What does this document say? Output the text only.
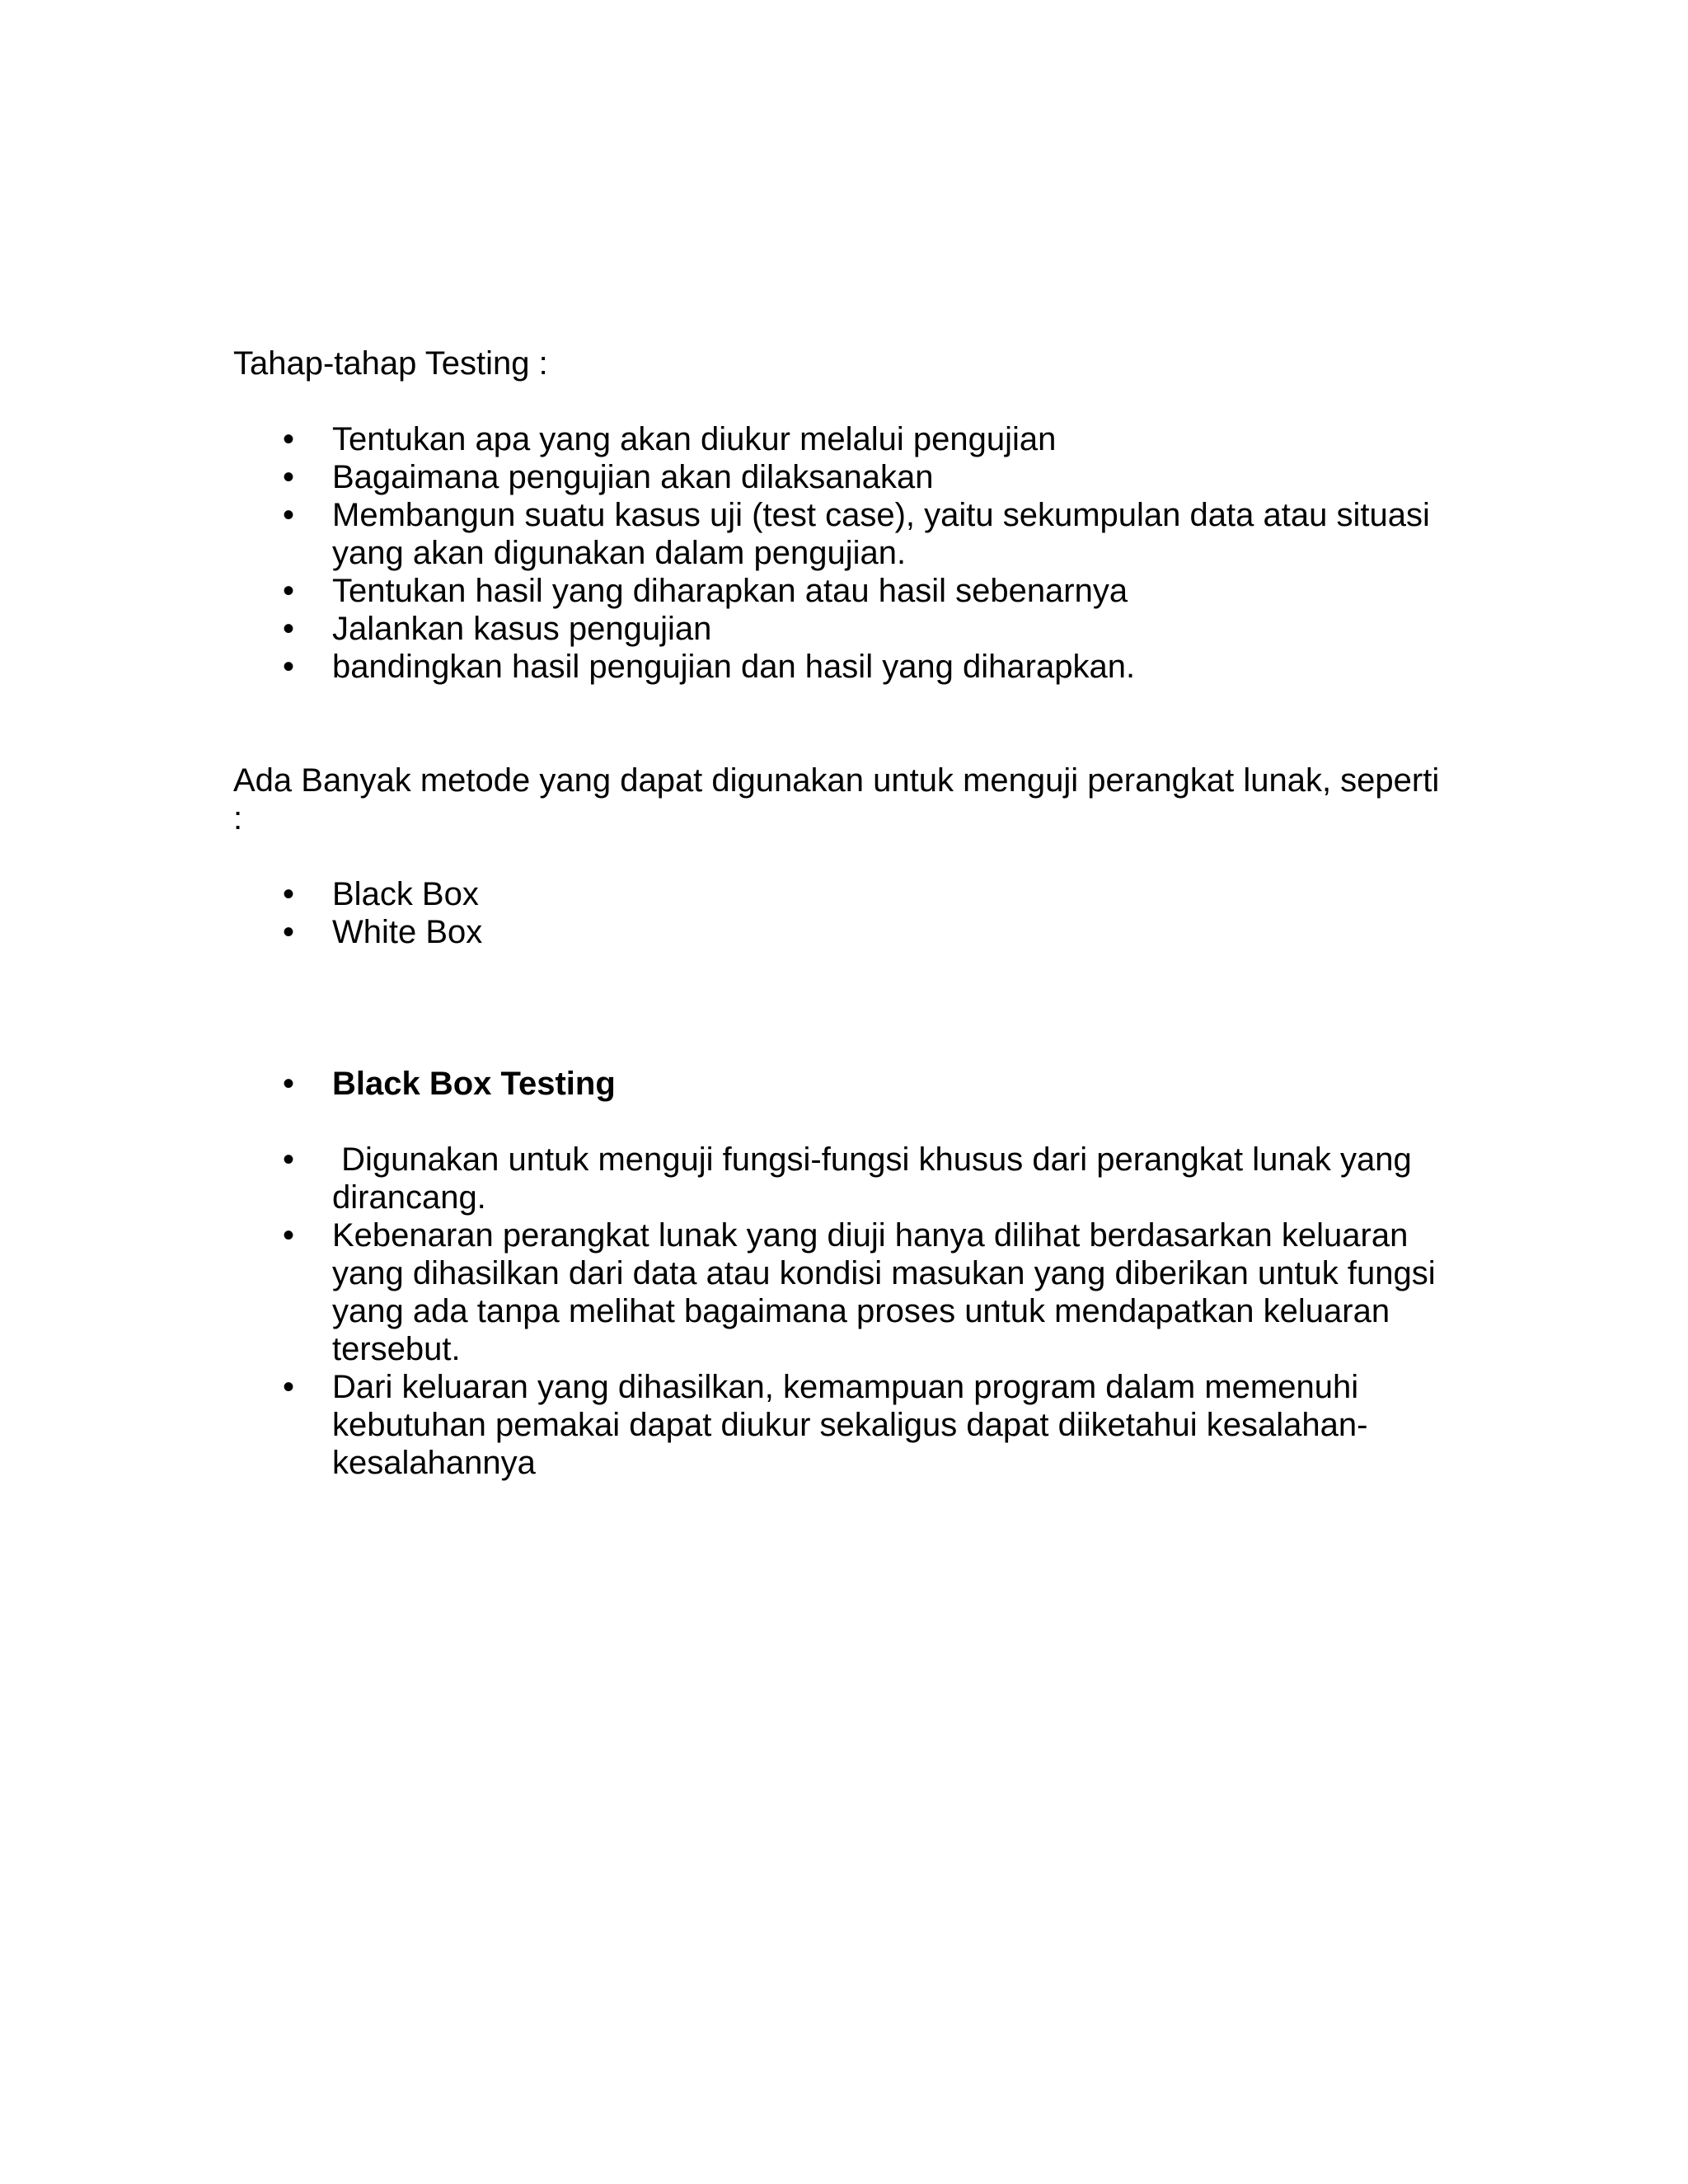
Tahap-tahap Testing :

•	Tentukan apa yang akan diukur melalui pengujian
•	Bagaimana pengujian akan dilaksanakan
•	Membangun suatu kasus uji (test case), yaitu sekumpulan data atau situasi yang akan digunakan dalam pengujian.
•	Tentukan hasil yang diharapkan atau hasil sebenarnya
•	Jalankan kasus pengujian
•	bandingkan hasil pengujian dan hasil yang diharapkan.

Ada Banyak metode yang dapat digunakan untuk menguji perangkat lunak, seperti :

•	Black Box
•	White Box
•	Black Box Testing
•	Digunakan untuk menguji fungsi-fungsi khusus dari perangkat lunak yang dirancang.
•	Kebenaran perangkat lunak yang diuji hanya dilihat berdasarkan keluaran yang dihasilkan dari data atau kondisi masukan yang diberikan untuk fungsi yang ada tanpa melihat bagaimana proses untuk mendapatkan keluaran tersebut.
•	Dari keluaran yang dihasilkan, kemampuan program dalam memenuhi kebutuhan pemakai dapat diukur sekaligus dapat diiketahui kesalahan-kesalahannya
